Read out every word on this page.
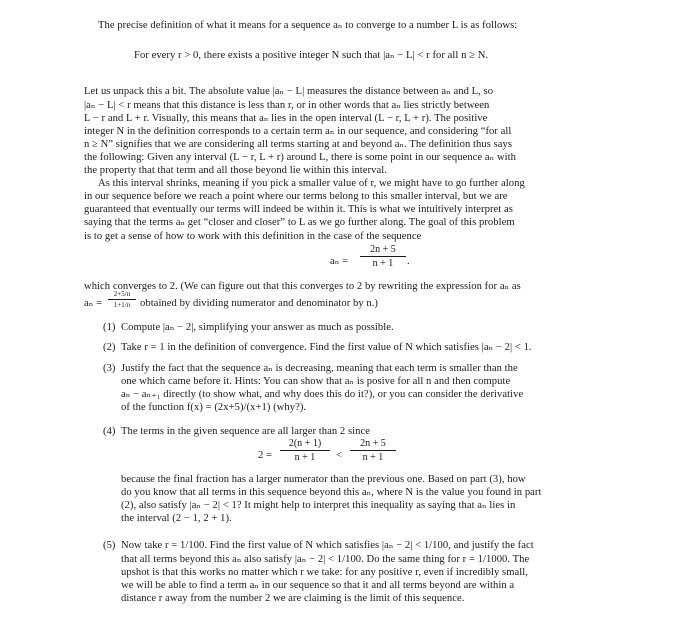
The precise definition of what it means for a sequence aₙ to converge to a number L is as follows:
For every r > 0, there exists a positive integer N such that |aₙ − L| < r for all n ≥ N.
Let us unpack this a bit. The absolute value |aₙ − L| measures the distance between aₙ and L, so
|aₙ − L| < r means that this distance is less than r, or in other words that aₙ lies strictly between
L − r and L + r. Visually, this means that aₙ lies in the open interval (L − r, L + r). The positive
integer N in the definition corresponds to a certain term aₙ in our sequence, and considering “for all
n ≥ N” signifies that we are considering all terms starting at and beyond aₙ. The definition thus says
the following: Given any interval (L − r, L + r) around L, there is some point in our sequence aₙ with
the property that that term and all those beyond lie within this interval.
As this interval shrinks, meaning if you pick a smaller value of r, we might have to go further along
in our sequence before we reach a point where our terms belong to this smaller interval, but we are
guaranteed that eventually our terms will indeed be within it. This is what we intuitively interpret as
saying that the terms aₙ get “closer and closer” to L as we go further along. The goal of this problem
is to get a sense of how to work with this definition in the case of the sequence
aₙ =
2n + 5
n + 1	.
which converges to 2. (We can figure out that this converges to 2 by rewriting the expression for aₙ as
aₙ =
2+5/n
1+1/n obtained by dividing numerator and denominator by n.)
(1) Compute |aₙ − 2|, simplifying your answer as much as possible.
(2) Take r = 1 in the definition of convergence. Find the first value of N which satisfies |aₙ − 2| < 1.
(3) Justify the fact that the sequence aₙ is decreasing, meaning that each term is smaller than the
one which came before it. Hints: You can show that aₙ is posive for all n and then compute
aₙ − aₙ₊₁ directly (to show what, and why does this do it?), or you can consider the derivative
of the function f(x) = (2x+5)/(x+1) (why?).
(4) The terms in the given sequence are all larger than 2 since
2 =
2(n + 1)
n + 1	<
2n + 5
n + 1
because the final fraction has a larger numerator than the previous one. Based on part (3), how
do you know that all terms in this sequence beyond this aₙ, where N is the value you found in part
(2), also satisfy |aₙ − 2| < 1? It might help to interpret this inequality as saying that aₙ lies in
the interval (2 − 1, 2 + 1).
(5) Now take r = 1/100. Find the first value of N which satisfies |aₙ − 2| < 1/100, and justify the fact
that all terms beyond this aₙ also satisfy |aₙ − 2| < 1/100. Do the same thing for r = 1/1000. The
upshot is that this works no matter which r we take: for any positive r, even if incredibly small,
we will be able to find a term aₙ in our sequence so that it and all terms beyond are within a
distance r away from the number 2 we are claiming is the limit of this sequence.
